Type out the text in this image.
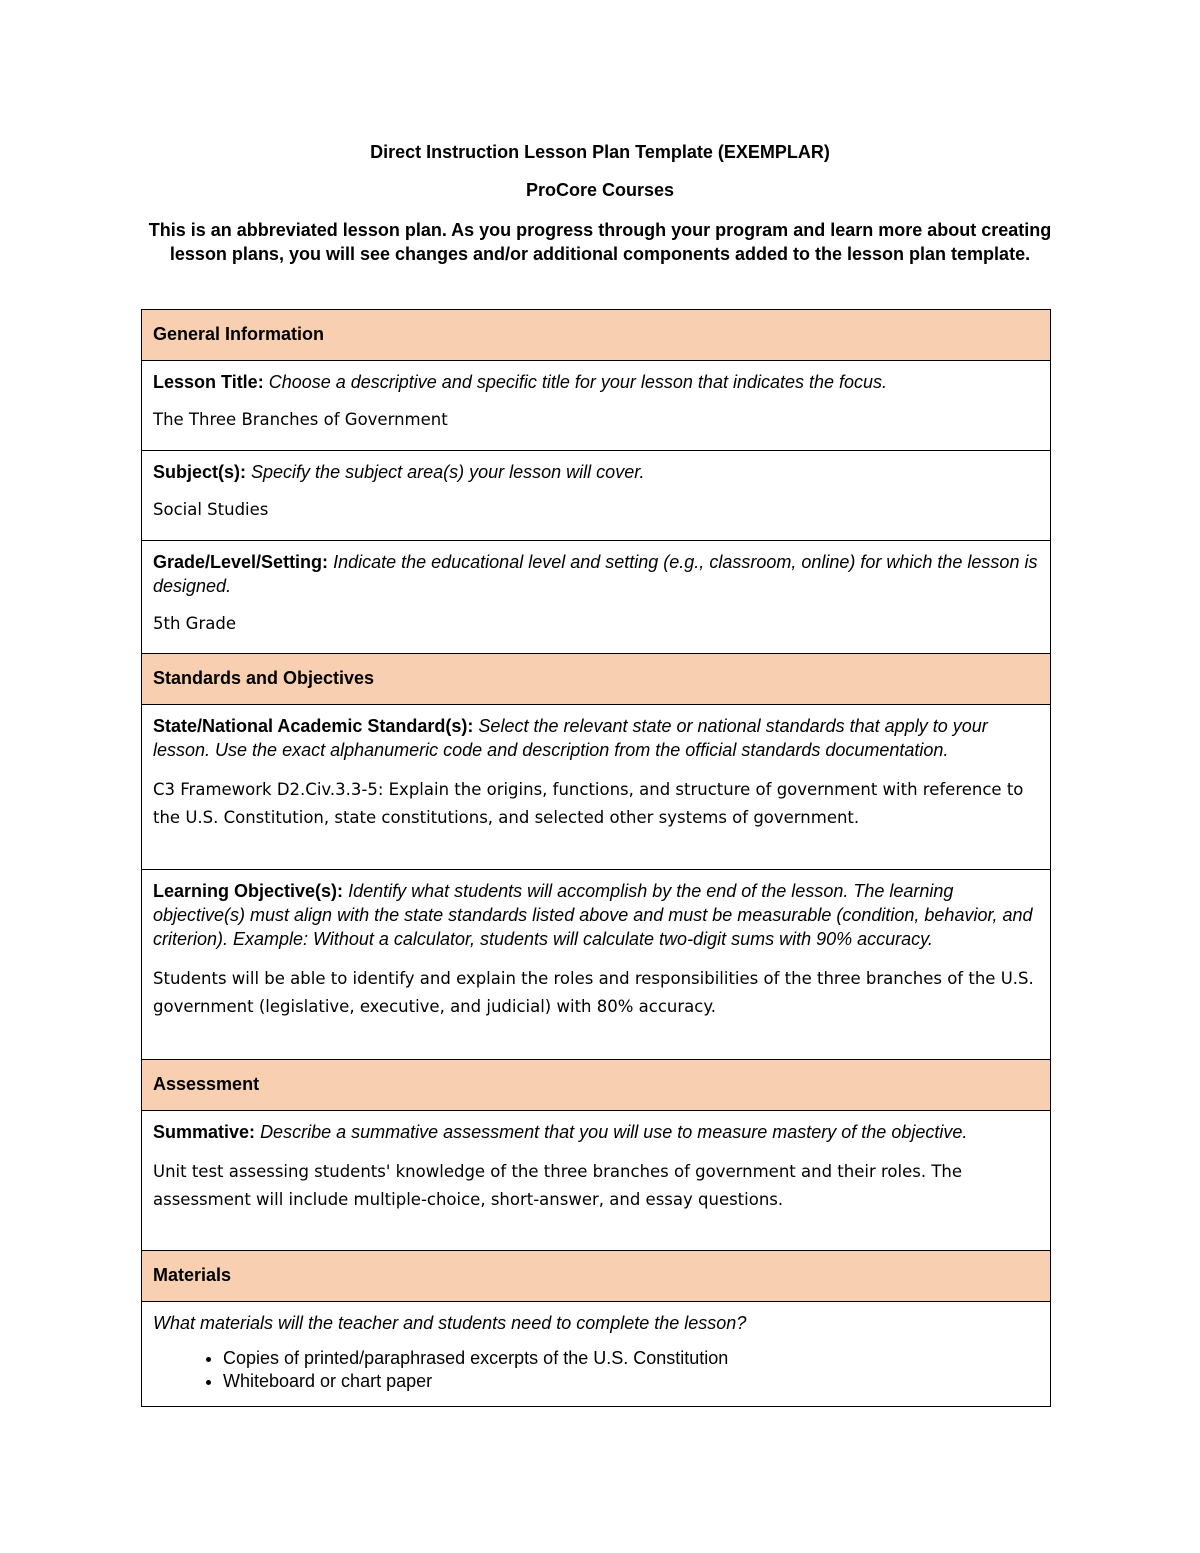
Direct Instruction Lesson Plan Template (EXEMPLAR)

ProCore Courses

This is an abbreviated lesson plan. As you progress through your program and learn more about creating lesson plans, you will see changes and/or additional components added to the lesson plan template.

General Information

Lesson Title: Choose a descriptive and specific title for your lesson that indicates the focus.

The Three Branches of Government

Subject(s): Specify the subject area(s) your lesson will cover.

Social Studies

Grade/Level/Setting: Indicate the educational level and setting (e.g., classroom, online) for which the lesson is designed.

5th Grade

Standards and Objectives

State/National Academic Standard(s): Select the relevant state or national standards that apply to your lesson. Use the exact alphanumeric code and description from the official standards documentation.

C3 Framework D2.Civ.3.3-5: Explain the origins, functions, and structure of government with reference to the U.S. Constitution, state constitutions, and selected other systems of government.

Learning Objective(s): Identify what students will accomplish by the end of the lesson. The learning objective(s) must align with the state standards listed above and must be measurable (condition, behavior, and criterion). Example: Without a calculator, students will calculate two-digit sums with 90% accuracy.

Students will be able to identify and explain the roles and responsibilities of the three branches of the U.S. government (legislative, executive, and judicial) with 80% accuracy.

Assessment

Summative: Describe a summative assessment that you will use to measure mastery of the objective.

Unit test assessing students' knowledge of the three branches of government and their roles. The assessment will include multiple-choice, short-answer, and essay questions.

Materials

What materials will the teacher and students need to complete the lesson?

• Copies of printed/paraphrased excerpts of the U.S. Constitution
• Whiteboard or chart paper
